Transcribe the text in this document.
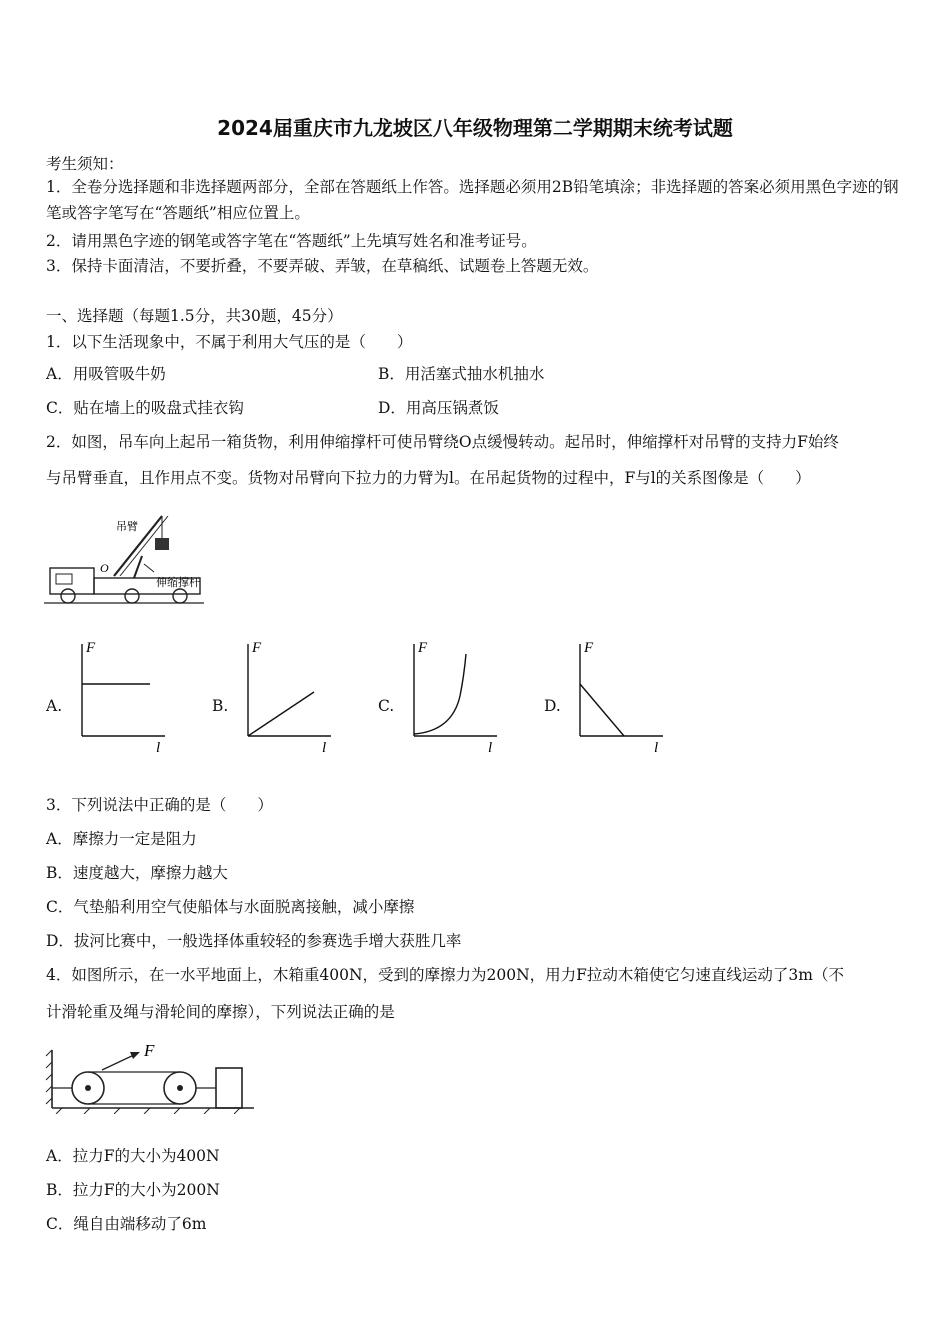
2024届重庆市九龙坡区八年级物理第二学期期末统考试题
考生须知：
1．全卷分选择题和非选择题两部分，全部在答题纸上作答。选择题必须用2B铅笔填涂；非选择题的答案必须用黑色字迹的钢笔或答字笔写在“答题纸”相应位置上。
2．请用黑色字迹的钢笔或答字笔在“答题纸”上先填写姓名和准考证号。
3．保持卡面清洁，不要折叠，不要弄破、弄皱，在草稿纸、试题卷上答题无效。
一、选择题（每题1.5分，共30题，45分）
1．以下生活现象中，不属于利用大气压的是（　　）
A．用吸管吸牛奶	B．用活塞式抽水机抽水
C．贴在墙上的吸盘式挂衣钩	D．用高压锅煮饭
2．如图，吊车向上起吊一箱货物，利用伸缩撑杆可使吊臂绕O点缓慢转动。起吊时，伸缩撑杆对吊臂的支持力F始终
与吊臂垂直，且作用点不变。货物对吊臂向下拉力的力臂为l。在吊起货物的过程中，F与l的关系图像是（　　）
吊臂
O
伸缩撑杆
A.
F
l
B.
F
l
C.
F
l
D.
F
l
3．下列说法中正确的是（　　）
A．摩擦力一定是阻力
B．速度越大，摩擦力越大
C．气垫船利用空气使船体与水面脱离接触，减小摩擦
D．拔河比赛中，一般选择体重较轻的参赛选手增大获胜几率
4．如图所示，在一水平地面上，木箱重400N，受到的摩擦力为200N，用力F拉动木箱使它匀速直线运动了3m（不
计滑轮重及绳与滑轮间的摩擦），下列说法正确的是
F
A．拉力F的大小为400N
B．拉力F的大小为200N
C．绳自由端移动了6m
